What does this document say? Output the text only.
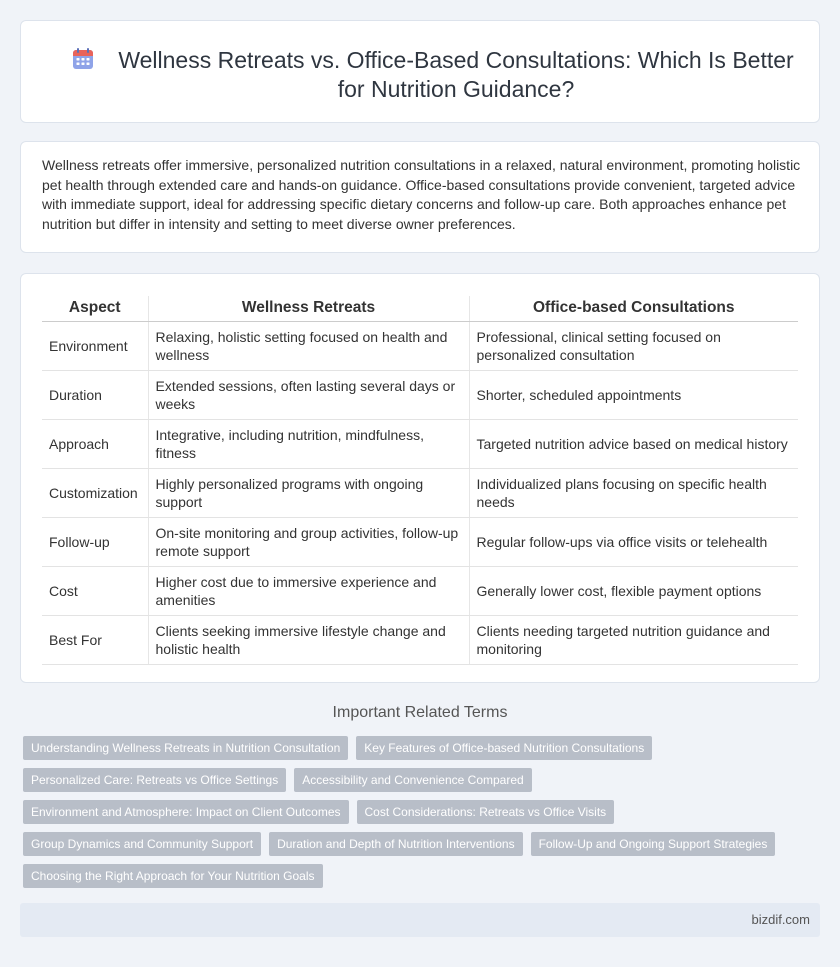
Wellness Retreats vs. Office-Based Consultations: Which Is Better for Nutrition Guidance?

Wellness retreats offer immersive, personalized nutrition consultations in a relaxed, natural environment, promoting holistic pet health through extended care and hands-on guidance. Office-based consultations provide convenient, targeted advice with immediate support, ideal for addressing specific dietary concerns and follow-up care. Both approaches enhance pet nutrition but differ in intensity and setting to meet diverse owner preferences.

Aspect	Wellness Retreats	Office-based Consultations
Environment	Relaxing, holistic setting focused on health and wellness	Professional, clinical setting focused on personalized consultation
Duration	Extended sessions, often lasting several days or weeks	Shorter, scheduled appointments
Approach	Integrative, including nutrition, mindfulness, fitness	Targeted nutrition advice based on medical history
Customization	Highly personalized programs with ongoing support	Individualized plans focusing on specific health needs
Follow-up	On-site monitoring and group activities, follow-up remote support	Regular follow-ups via office visits or telehealth
Cost	Higher cost due to immersive experience and amenities	Generally lower cost, flexible payment options
Best For	Clients seeking immersive lifestyle change and holistic health	Clients needing targeted nutrition guidance and monitoring
Important Related Terms
Understanding Wellness Retreats in Nutrition Consultation	Key Features of Office-based Nutrition Consultations
Personalized Care: Retreats vs Office Settings	Accessibility and Convenience Compared
Environment and Atmosphere: Impact on Client Outcomes	Cost Considerations: Retreats vs Office Visits
Group Dynamics and Community Support	Duration and Depth of Nutrition Interventions	Follow-Up and Ongoing Support Strategies
Choosing the Right Approach for Your Nutrition Goals
bizdif.com
